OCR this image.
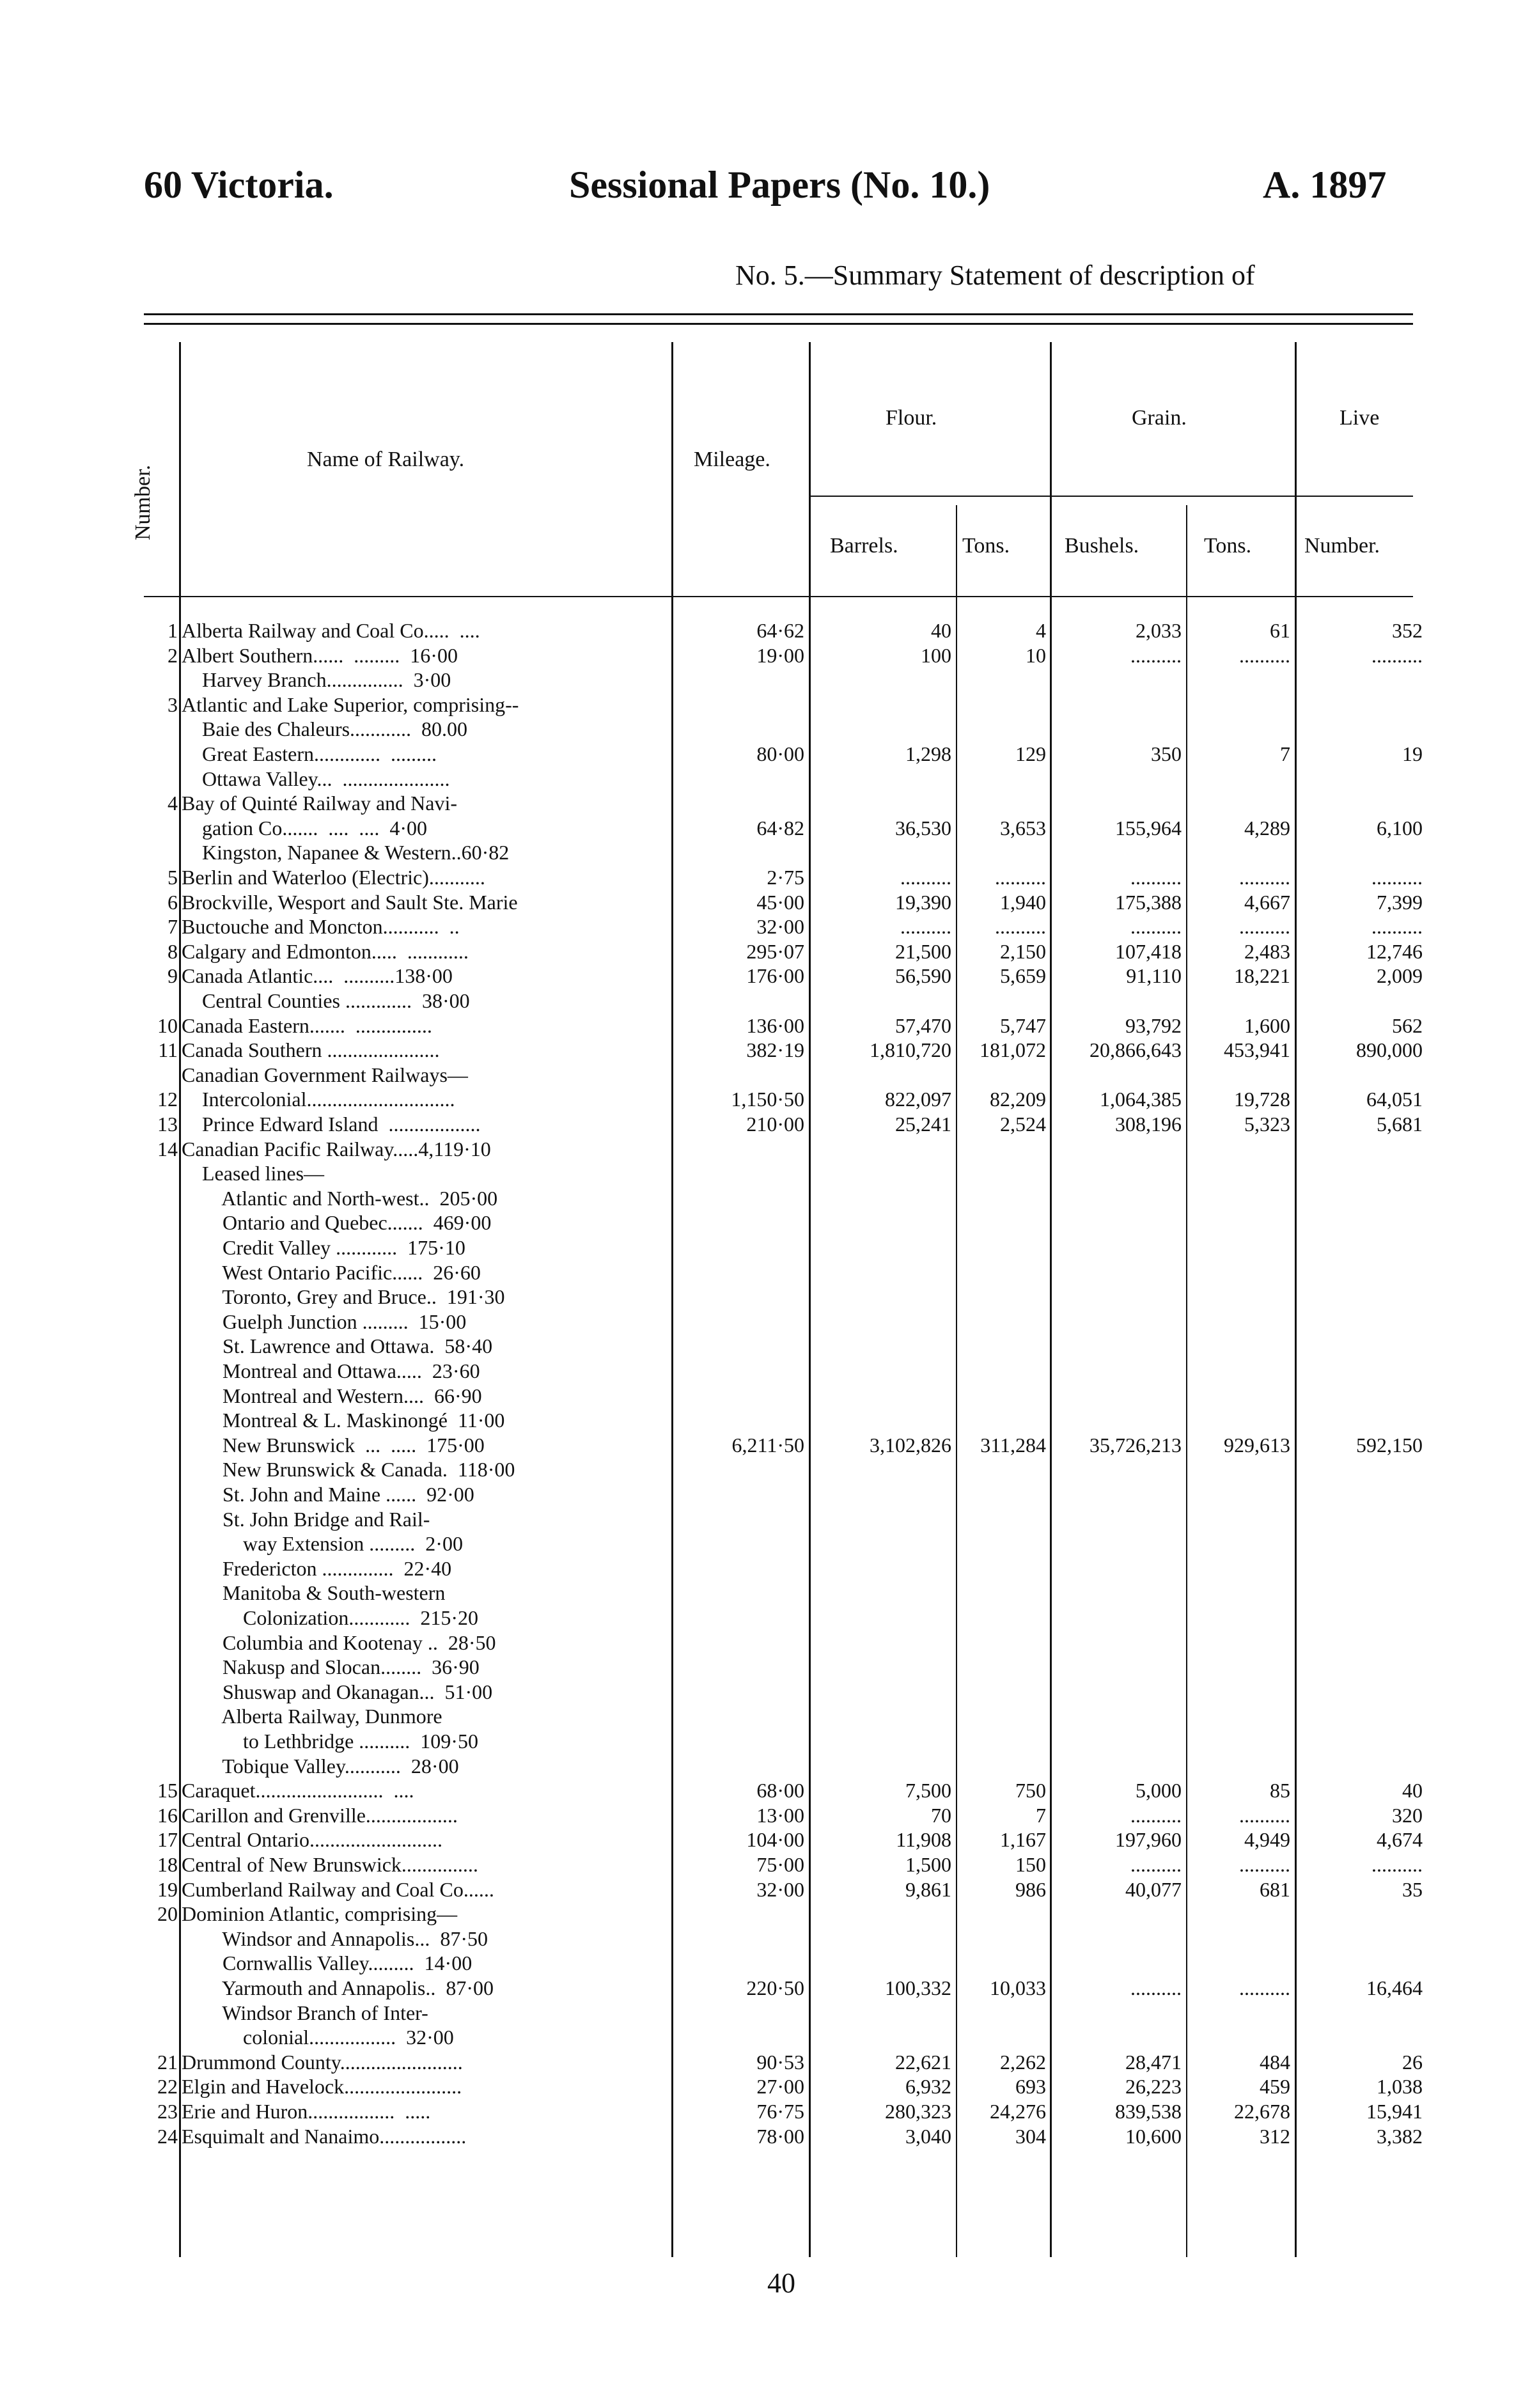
60 Victoria.	Sessional Papers (No. 10.)	A. 1897
No. 5.—Summary Statement of description of
Number.
Name of Railway.	Mileage.
Flour.	Grain.	Live
Barrels.	Tons.	Bushels.	Tons. Number.
1 Alberta Railway and Coal Co.....  ....	64·62	40	4	2,033	61	352
2 Albert Southern......  .........  16·00	19·00	100	10	..........	..........	..........
Harvey Branch...............  3·00
3 Atlantic and Lake Superior, comprising--
Baie des Chaleurs............  80.00
Great Eastern.............  .........	80·00	1,298	129	350	7	19
Ottawa Valley...  .....................
4 Bay of Quinté Railway and Navi-
gation Co.......  ....  ....  4·00	64·82	36,530 3,653	155,964	4,289	6,100
Kingston, Napanee & Western..60·82
5 Berlin and Waterloo (Electric)...........	2·75	.......... ..........	..........	..........	..........
6 Brockville, Wesport and Sault Ste. Marie	45·00	19,390 1,940	175,388	4,667	7,399
7 Buctouche and Moncton...........  ..	32·00	.......... ..........	..........	..........	..........
8 Calgary and Edmonton.....  ............	295·07	21,500 2,150	107,418	2,483	12,746
9 Canada Atlantic....  ..........138·00	176·00	56,590 5,659	91,110	18,221	2,009
Central Counties .............  38·00
10 Canada Eastern.......  ...............	136·00	57,470 5,747	93,792	1,600	562
11 Canada Southern ......................	382·19	1,810,720 181,072 20,866,643 453,941	890,000
Canadian Government Railways—
12 Intercolonial.............................	1,150·50	822,097 82,209	1,064,385	19,728	64,051
13 Prince Edward Island  ..................	210·00	25,241 2,524	308,196	5,323	5,681
14 Canadian Pacific Railway.....4,119·10
Leased lines—
Atlantic and North-west..  205·00
Ontario and Quebec.......  469·00
Credit Valley ............  175·10
West Ontario Pacific......  26·60
Toronto, Grey and Bruce..  191·30
Guelph Junction .........  15·00
St. Lawrence and Ottawa.  58·40
Montreal and Ottawa.....  23·60
Montreal and Western....  66·90
Montreal & L. Maskinongé  11·00
New Brunswick  ...  .....  175·00	6,211·50	3,102,826 311,284 35,726,213 929,613	592,150
New Brunswick & Canada.  118·00
St. John and Maine ......  92·00
St. John Bridge and Rail-
way Extension .........  2·00
Fredericton ..............  22·40
Manitoba & South-western
Colonization............  215·20
Columbia and Kootenay ..  28·50
Nakusp and Slocan........  36·90
Shuswap and Okanagan...  51·00
Alberta Railway, Dunmore
to Lethbridge ..........  109·50
Tobique Valley...........  28·00
15 Caraquet.........................  ....	68·00	7,500	750	5,000	85	40
16 Carillon and Grenville..................	13·00	70	7	..........	..........	320
17 Central Ontario..........................	104·00	11,908 1,167	197,960	4,949	4,674
18 Central of New Brunswick...............	75·00	1,500	150	..........	..........	..........
19 Cumberland Railway and Coal Co......	32·00	9,861	986	40,077	681	35
20 Dominion Atlantic, comprising—
Windsor and Annapolis...  87·50
Cornwallis Valley.........  14·00
Yarmouth and Annapolis..  87·00	220·50	100,332 10,033	..........	..........	16,464
Windsor Branch of Inter-
colonial.................  32·00
21 Drummond County........................	90·53	22,621 2,262	28,471	484	26
22 Elgin and Havelock.......................	27·00	6,932	693	26,223	459	1,038
23 Erie and Huron.................  .....	76·75	280,323 24,276	839,538	22,678	15,941
24 Esquimalt and Nanaimo.................	78·00	3,040	304	10,600	312	3,382
40
